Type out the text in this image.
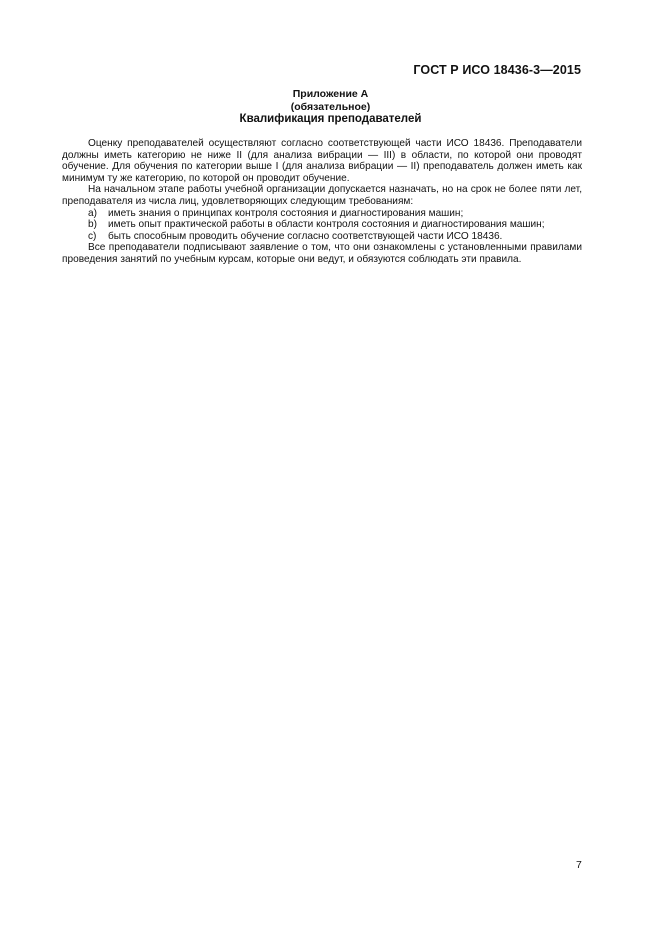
ГОСТ Р ИСО 18436-3—2015
Приложение А
(обязательное)
Квалификация преподавателей

Оценку преподавателей осуществляют согласно соответствующей части ИСО 18436. Преподаватели должны иметь категорию не ниже II (для анализа вибрации — III) в области, по которой они проводят обучение. Для обучения по категории выше I (для анализа вибрации — II) преподаватель должен иметь как минимум ту же категорию, по которой он проводит обучение.

На начальном этапе работы учебной организации допускается назначать, но на срок не более пяти лет, преподавателя из числа лиц, удовлетворяющих следующим требованиям:

a)	иметь знания о принципах контроля состояния и диагностирования машин;
b)	иметь опыт практической работы в области контроля состояния и диагностирования машин;
c)	быть способным проводить обучение согласно соответствующей части ИСО 18436.

Все преподаватели подписывают заявление о том, что они ознакомлены с установленными правилами проведения занятий по учебным курсам, которые они ведут, и обязуются соблюдать эти правила.

7
